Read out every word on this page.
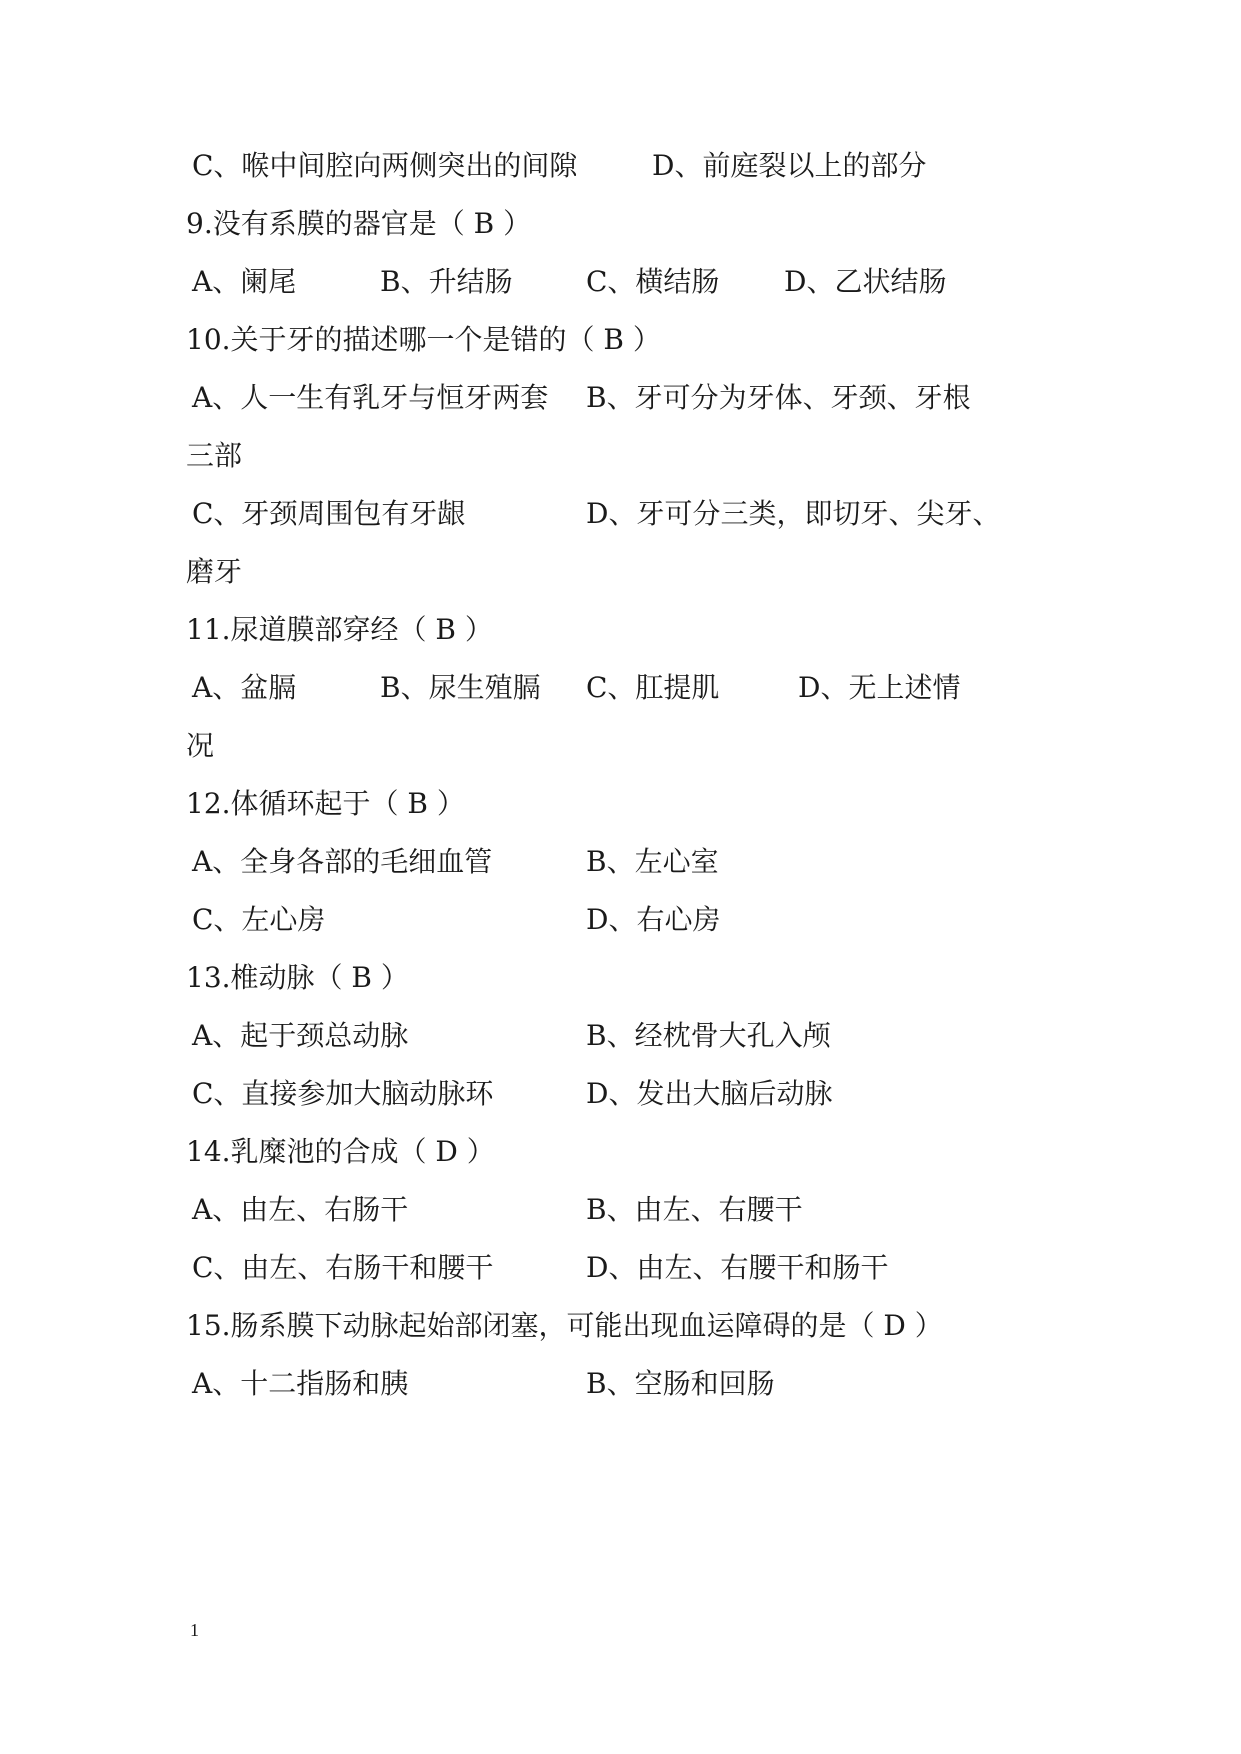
C、喉中间腔向两侧突出的间隙	D、前庭裂以上的部分
9.没有系膜的器官是（ B ）
A、阑尾	B、升结肠	C、横结肠 D、乙状结肠
10.关于牙的描述哪一个是错的（ B ）
A、人一生有乳牙与恒牙两套 B、牙可分为牙体、牙颈、牙根
三部
C、牙颈周围包有牙龈	D、牙可分三类，即切牙、尖牙、
磨牙
11.尿道膜部穿经（ B ）
A、盆膈	B、尿生殖膈 C、肛提肌	D、无上述情
况
12.体循环起于（ B ）
A、全身各部的毛细血管	B、左心室
C、左心房	D、右心房
13.椎动脉（ B ）
A、起于颈总动脉	B、经枕骨大孔入颅
C、直接参加大脑动脉环	D、发出大脑后动脉
14.乳糜池的合成（ D ）
A、由左、右肠干	B、由左、右腰干
C、由左、右肠干和腰干	D、由左、右腰干和肠干
15.肠系膜下动脉起始部闭塞，可能出现血运障碍的是（ D ）
A、十二指肠和胰	B、空肠和回肠
1
